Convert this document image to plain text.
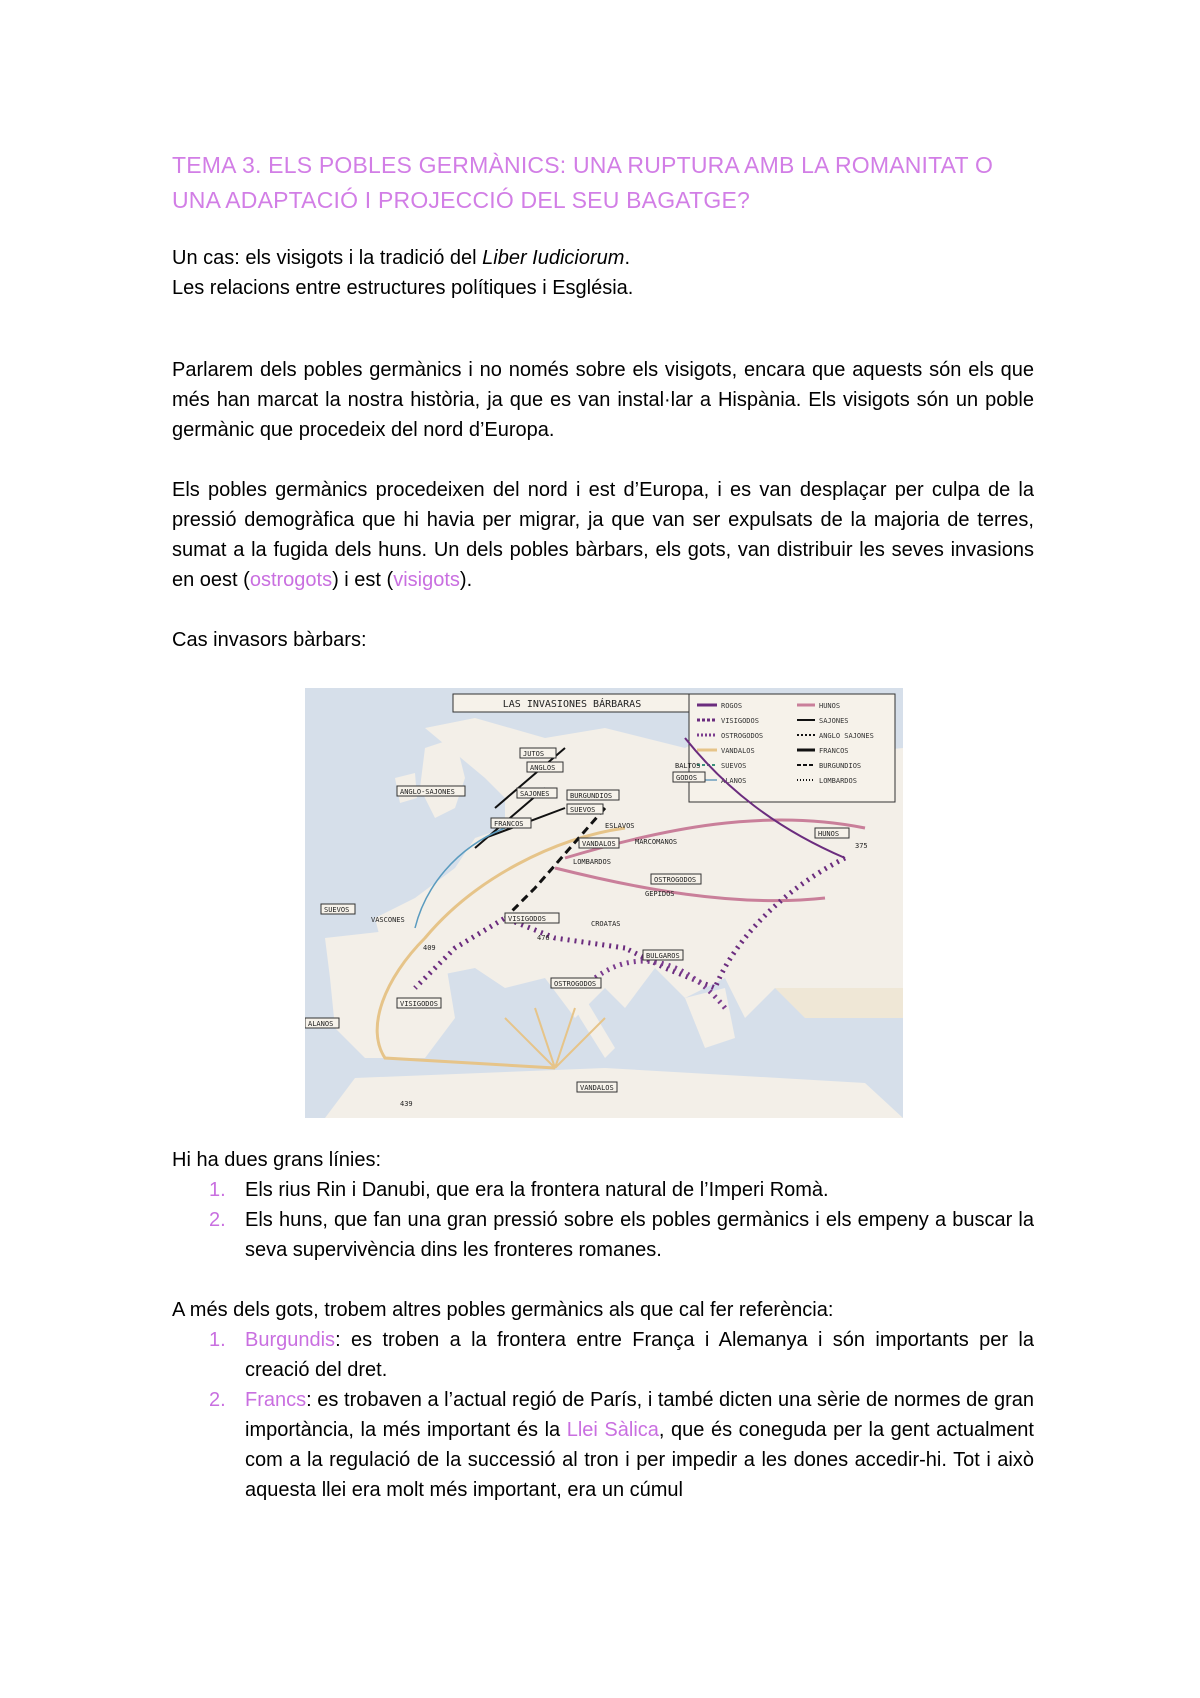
TEMA 3. ELS POBLES GERMÀNICS: UNA RUPTURA AMB LA ROMANITAT O
UNA ADAPTACIÓ I PROJECCIÓ DEL SEU BAGATGE?

Un cas: els visigots i la tradició del Liber Iudiciorum.

Les relacions entre estructures polítiques i Església.

Parlarem dels pobles germànics i no només sobre els visigots, encara que aquests són els que més han marcat la nostra història, ja que es van instal·lar a Hispània. Els visigots són un poble germànic que procedeix del nord d’Europa.

Els pobles germànics procedeixen del nord i est d’Europa, i es van desplaçar per culpa de la pressió demogràfica que hi havia per migrar, ja que van ser expulsats de la majoria de terres, sumat a la fugida dels huns. Un dels pobles bàrbars, els gots, van distribuir les seves invasions en oest (ostrogots) i est (visigots).

Cas invasors bàrbars:

LAS INVASIONES BÁRBARAS	ROGOS
VISIGODOS
OSTROGODOS
VANDALOS
SUEVOS
ALANOS
HUNOS
SAJONES
ANGLO SAJONES
FRANCOS
BURGUNDIOS
LOMBARDOS
JUTOS
ANGLOS
ANGLO-SAJONES	SAJONES
SUEVOS
FRANCOS
BURGUNDIOS
ESLAVOS
VANDALOS	MARCOMANOS
LOMBARDOS
OSTROGODOS
GEPIDOS
CROATAS
BULGAROS
SUEVOS
VASCONES
VISIGODOS
ALANOS
VANDALOS
HUNOS
BALTOS
GODOS
OSTROGODOS
VISIGODOS
375
409
476
439

Hi ha dues grans línies:

1. Els rius Rin i Danubi, que era la frontera natural de l’Imperi Romà.
2. Els huns, que fan una gran pressió sobre els pobles germànics i els empeny a buscar la seva supervivència dins les fronteres romanes.

A més dels gots, trobem altres pobles germànics als que cal fer referència:

1. Burgundis: es troben a la frontera entre França i Alemanya i són importants per la creació del dret.
2. Francs: es trobaven a l’actual regió de París, i també dicten una sèrie de normes de gran importància, la més important és la Llei Sàlica, que és coneguda per la gent actualment com a la regulació de la successió al tron i per impedir a les dones accedir-hi. Tot i això aquesta llei era molt més important, era un cúmul
